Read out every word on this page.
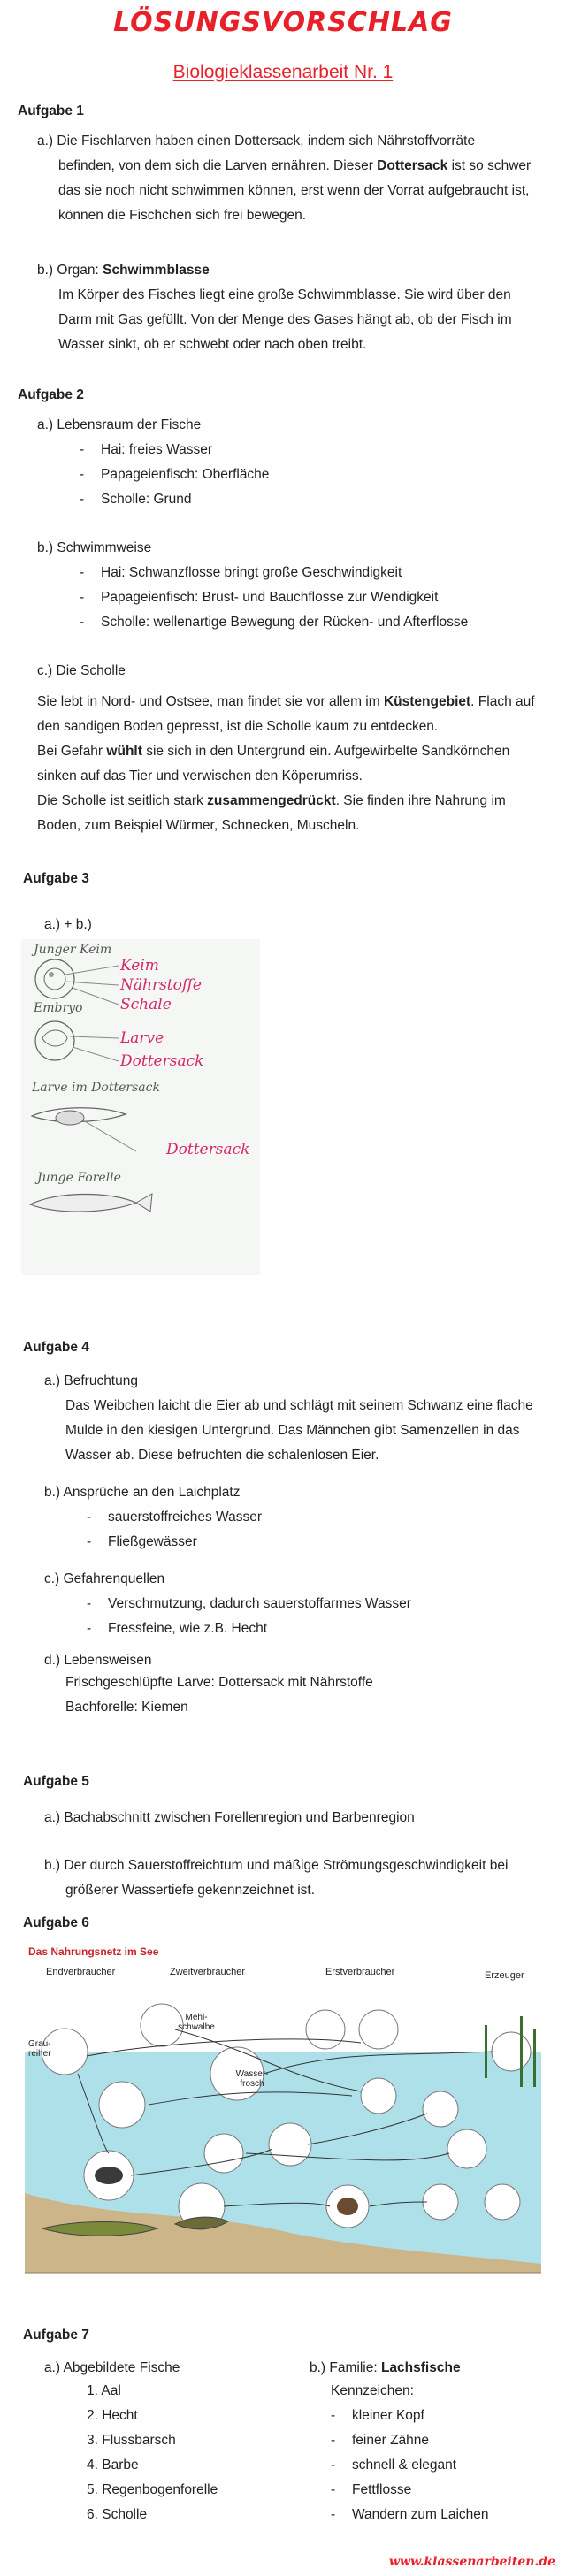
LÖSUNGSVORSCHLAG
Biologieklassenarbeit Nr. 1
Aufgabe 1
a.) Die Fischlarven haben einen Dottersack, indem sich Nährstoffvorräte
befinden, von dem sich die Larven ernähren. Dieser Dottersack ist so schwer
das sie noch nicht schwimmen können, erst wenn der Vorrat aufgebraucht ist,
können die Fischchen sich frei bewegen.
b.) Organ: Schwimmblasse
Im Körper des Fisches liegt eine große Schwimmblasse. Sie wird über den
Darm mit Gas gefüllt. Von der Menge des Gases hängt ab, ob der Fisch im
Wasser sinkt, ob er schwebt oder nach oben treibt.
Aufgabe 2
a.) Lebensraum der Fische
- Hai: freies Wasser
- Papageienfisch: Oberfläche
- Scholle: Grund
b.) Schwimmweise
- Hai: Schwanzflosse bringt große Geschwindigkeit
- Papageienfisch: Brust- und Bauchflosse zur Wendigkeit
- Scholle: wellenartige Bewegung der Rücken- und Afterflosse
c.) Die Scholle
Sie lebt in Nord- und Ostsee, man findet sie vor allem im Küstengebiet. Flach auf
den sandigen Boden gepresst, ist die Scholle kaum zu entdecken.
Bei Gefahr wühlt sie sich in den Untergrund ein. Aufgewirbelte Sandkörnchen
sinken auf das Tier und verwischen den Köperumriss.
Die Scholle ist seitlich stark zusammengedrückt. Sie finden ihre Nahrung im
Boden, zum Beispiel Würmer, Schnecken, Muscheln.
Aufgabe 3
a.) + b.)
Junger Keim
Embryo
Larve im Dottersack
Junge Forelle
Keim
Nährstoffe
Schale
Larve
Dottersack
Dottersack
Aufgabe 4
a.) Befruchtung
Das Weibchen laicht die Eier ab und schlägt mit seinem Schwanz eine flache
Mulde in den kiesigen Untergrund. Das Männchen gibt Samenzellen in das
Wasser ab. Diese befruchten die schalenlosen Eier.
b.) Ansprüche an den Laichplatz
- sauerstoffreiches Wasser
- Fließgewässer
c.) Gefahrenquellen
- Verschmutzung, dadurch sauerstoffarmes Wasser
- Fressfeine, wie z.B. Hecht
d.) Lebensweisen
Frischgeschlüpfte Larve: Dottersack mit Nährstoffe
Bachforelle: Kiemen
Aufgabe 5
a.) Bachabschnitt zwischen Forellenregion und Barbenregion
b.) Der durch Sauerstoffreichtum und mäßige Strömungsgeschwindigkeit bei
größerer Wassertiefe gekennzeichnet ist.
Aufgabe 6
Das Nahrungsnetz im See
Endverbraucher	Zweitverbraucher	Erstverbraucher	Erzeuger
Mehl-schwalbe
Grau-reiher
Wasser-frosch
Aufgabe 7
a.) Abgebildete Fische
1. Aal
2. Hecht
3. Flussbarsch
4. Barbe
5. Regenbogenforelle
6. Scholle
b.) Familie: Lachsfische
Kennzeichen:
- kleiner Kopf
- feiner Zähne
- schnell & elegant
- Fettflosse
- Wandern zum Laichen
www.klassenarbeiten.de
